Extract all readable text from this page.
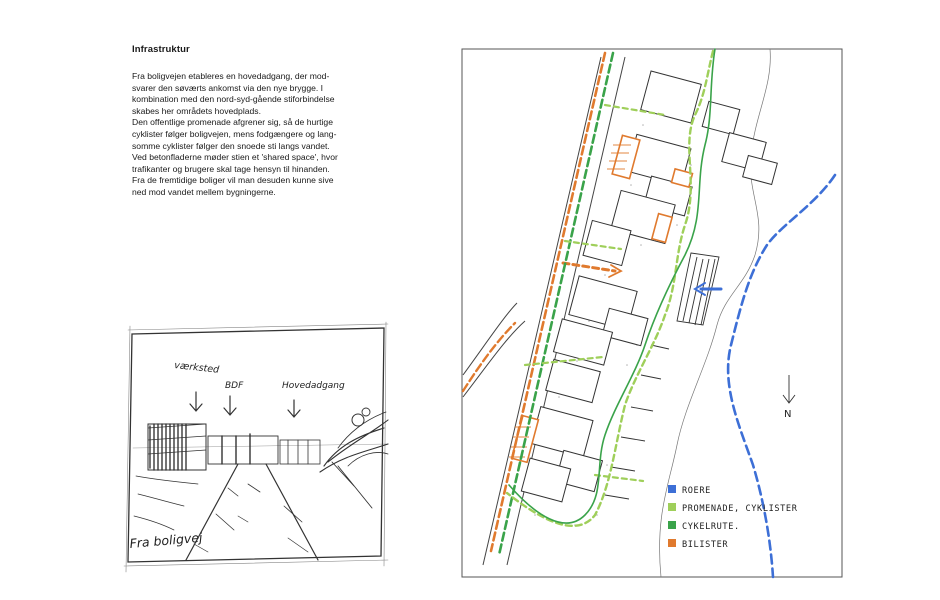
Infrastruktur
Fra boligvejen etableres en hovedadgang, der mod-
svarer den søværts ankomst via den nye brygge. I
kombination med den nord-syd-gående stiforbindelse
skabes her områdets hovedplads.
Den offentlige promenade afgrener sig, så de hurtige
cyklister følger boligvejen, mens fodgængere og lang-
somme cyklister følger den snoede sti langs vandet.
Ved betonfladerne møder stien et 'shared space', hvor
trafikanter og brugere skal tage hensyn til hinanden.
Fra de fremtidige boliger vil man desuden kunne sive
ned mod vandet mellem bygningerne.
værksted
BDF	Hovedadgang
Fra boligvej
N
ROERE
PROMENADE, CYKLISTER
CYKELRUTE.
BILISTER
